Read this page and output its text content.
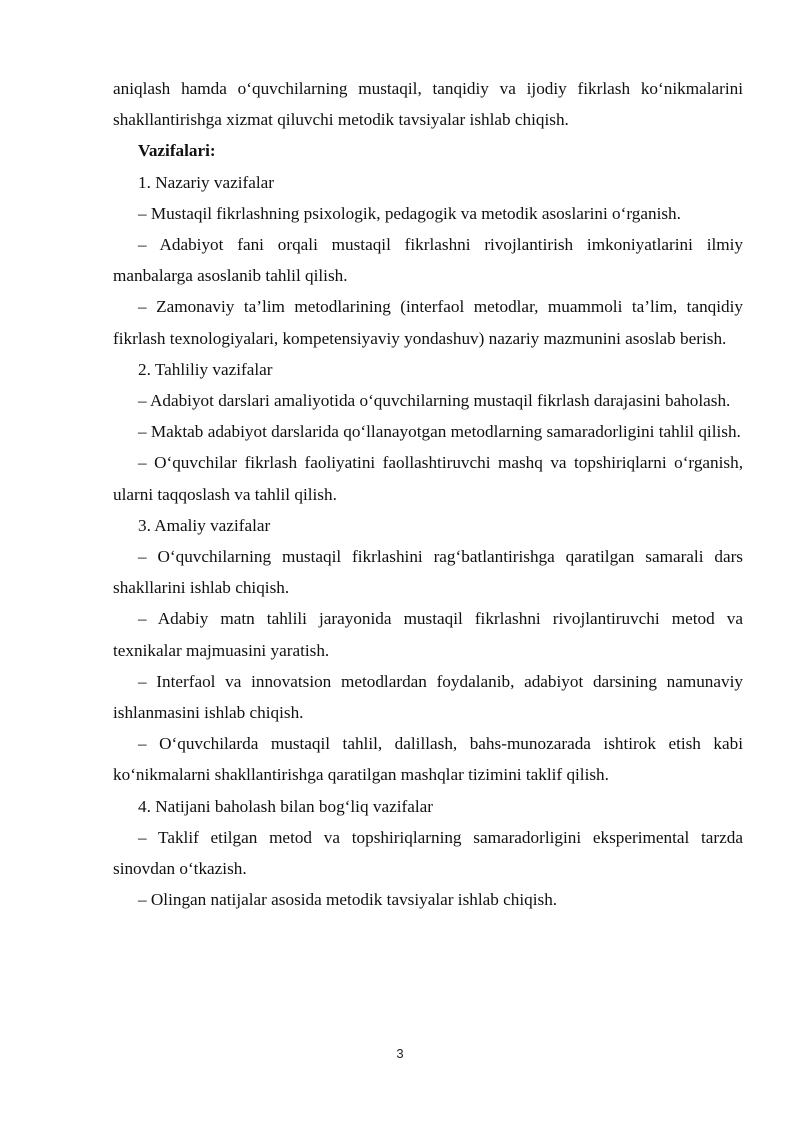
aniqlash hamda o‘quvchilarning mustaqil, tanqidiy va ijodiy fikrlash ko‘nikmalarini shakllantirishga xizmat qiluvchi metodik tavsiyalar ishlab chiqish.

Vazifalari:

1. Nazariy vazifalar

– Mustaqil fikrlashning psixologik, pedagogik va metodik asoslarini o‘rganish.

– Adabiyot fani orqali mustaqil fikrlashni rivojlantirish imkoniyatlarini ilmiy manbalarga asoslanib tahlil qilish.

– Zamonaviy ta’lim metodlarining (interfaol metodlar, muammoli ta’lim, tanqidiy fikrlash texnologiyalari, kompetensiyaviy yondashuv) nazariy mazmunini asoslab berish.

2. Tahliliy vazifalar

– Adabiyot darslari amaliyotida o‘quvchilarning mustaqil fikrlash darajasini baholash.

– Maktab adabiyot darslarida qo‘llanayotgan metodlarning samaradorligini tahlil qilish.

– O‘quvchilar fikrlash faoliyatini faollashtiruvchi mashq va topshiriqlarni o‘rganish, ularni taqqoslash va tahlil qilish.

3. Amaliy vazifalar

– O‘quvchilarning mustaqil fikrlashini rag‘batlantirishga qaratilgan samarali dars shakllarini ishlab chiqish.

– Adabiy matn tahlili jarayonida mustaqil fikrlashni rivojlantiruvchi metod va texnikalar majmuasini yaratish.

– Interfaol va innovatsion metodlardan foydalanib, adabiyot darsining namunaviy ishlanmasini ishlab chiqish.

– O‘quvchilarda mustaqil tahlil, dalillash, bahs-munozarada ishtirok etish kabi ko‘nikmalarni shakllantirishga qaratilgan mashqlar tizimini taklif qilish.

4. Natijani baholash bilan bog‘liq vazifalar

– Taklif etilgan metod va topshiriqlarning samaradorligini eksperimental tarzda sinovdan o‘tkazish.

– Olingan natijalar asosida metodik tavsiyalar ishlab chiqish.

3
